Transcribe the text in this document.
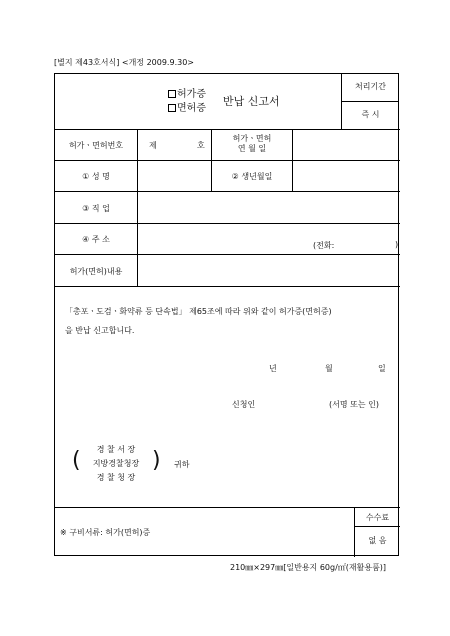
[별지 제43호서식] <개정 2009.9.30>
허가증
면허증
반납 신고서
처리기간
즉 시
허가ㆍ면허번호	제	호
허가ㆍ면허
연 월 일
① 성 명	② 생년월일
③ 직 업
④ 주 소
(전화:	)
허가(면허)내용
「총포ㆍ도검ㆍ화약류 등 단속법」 제65조에 따라 위와 같이 허가증(면허증)
을 반납 신고합니다.
년	월	일
신청인	(서명 또는 인)
(	경 찰 서 장
지방경찰청장
경 찰 청 장
) 귀하
※ 구비서류: 허가(면허)증
수수료
없 음
210㎜×297㎜[일반용지 60g/㎡(재활용품)]
